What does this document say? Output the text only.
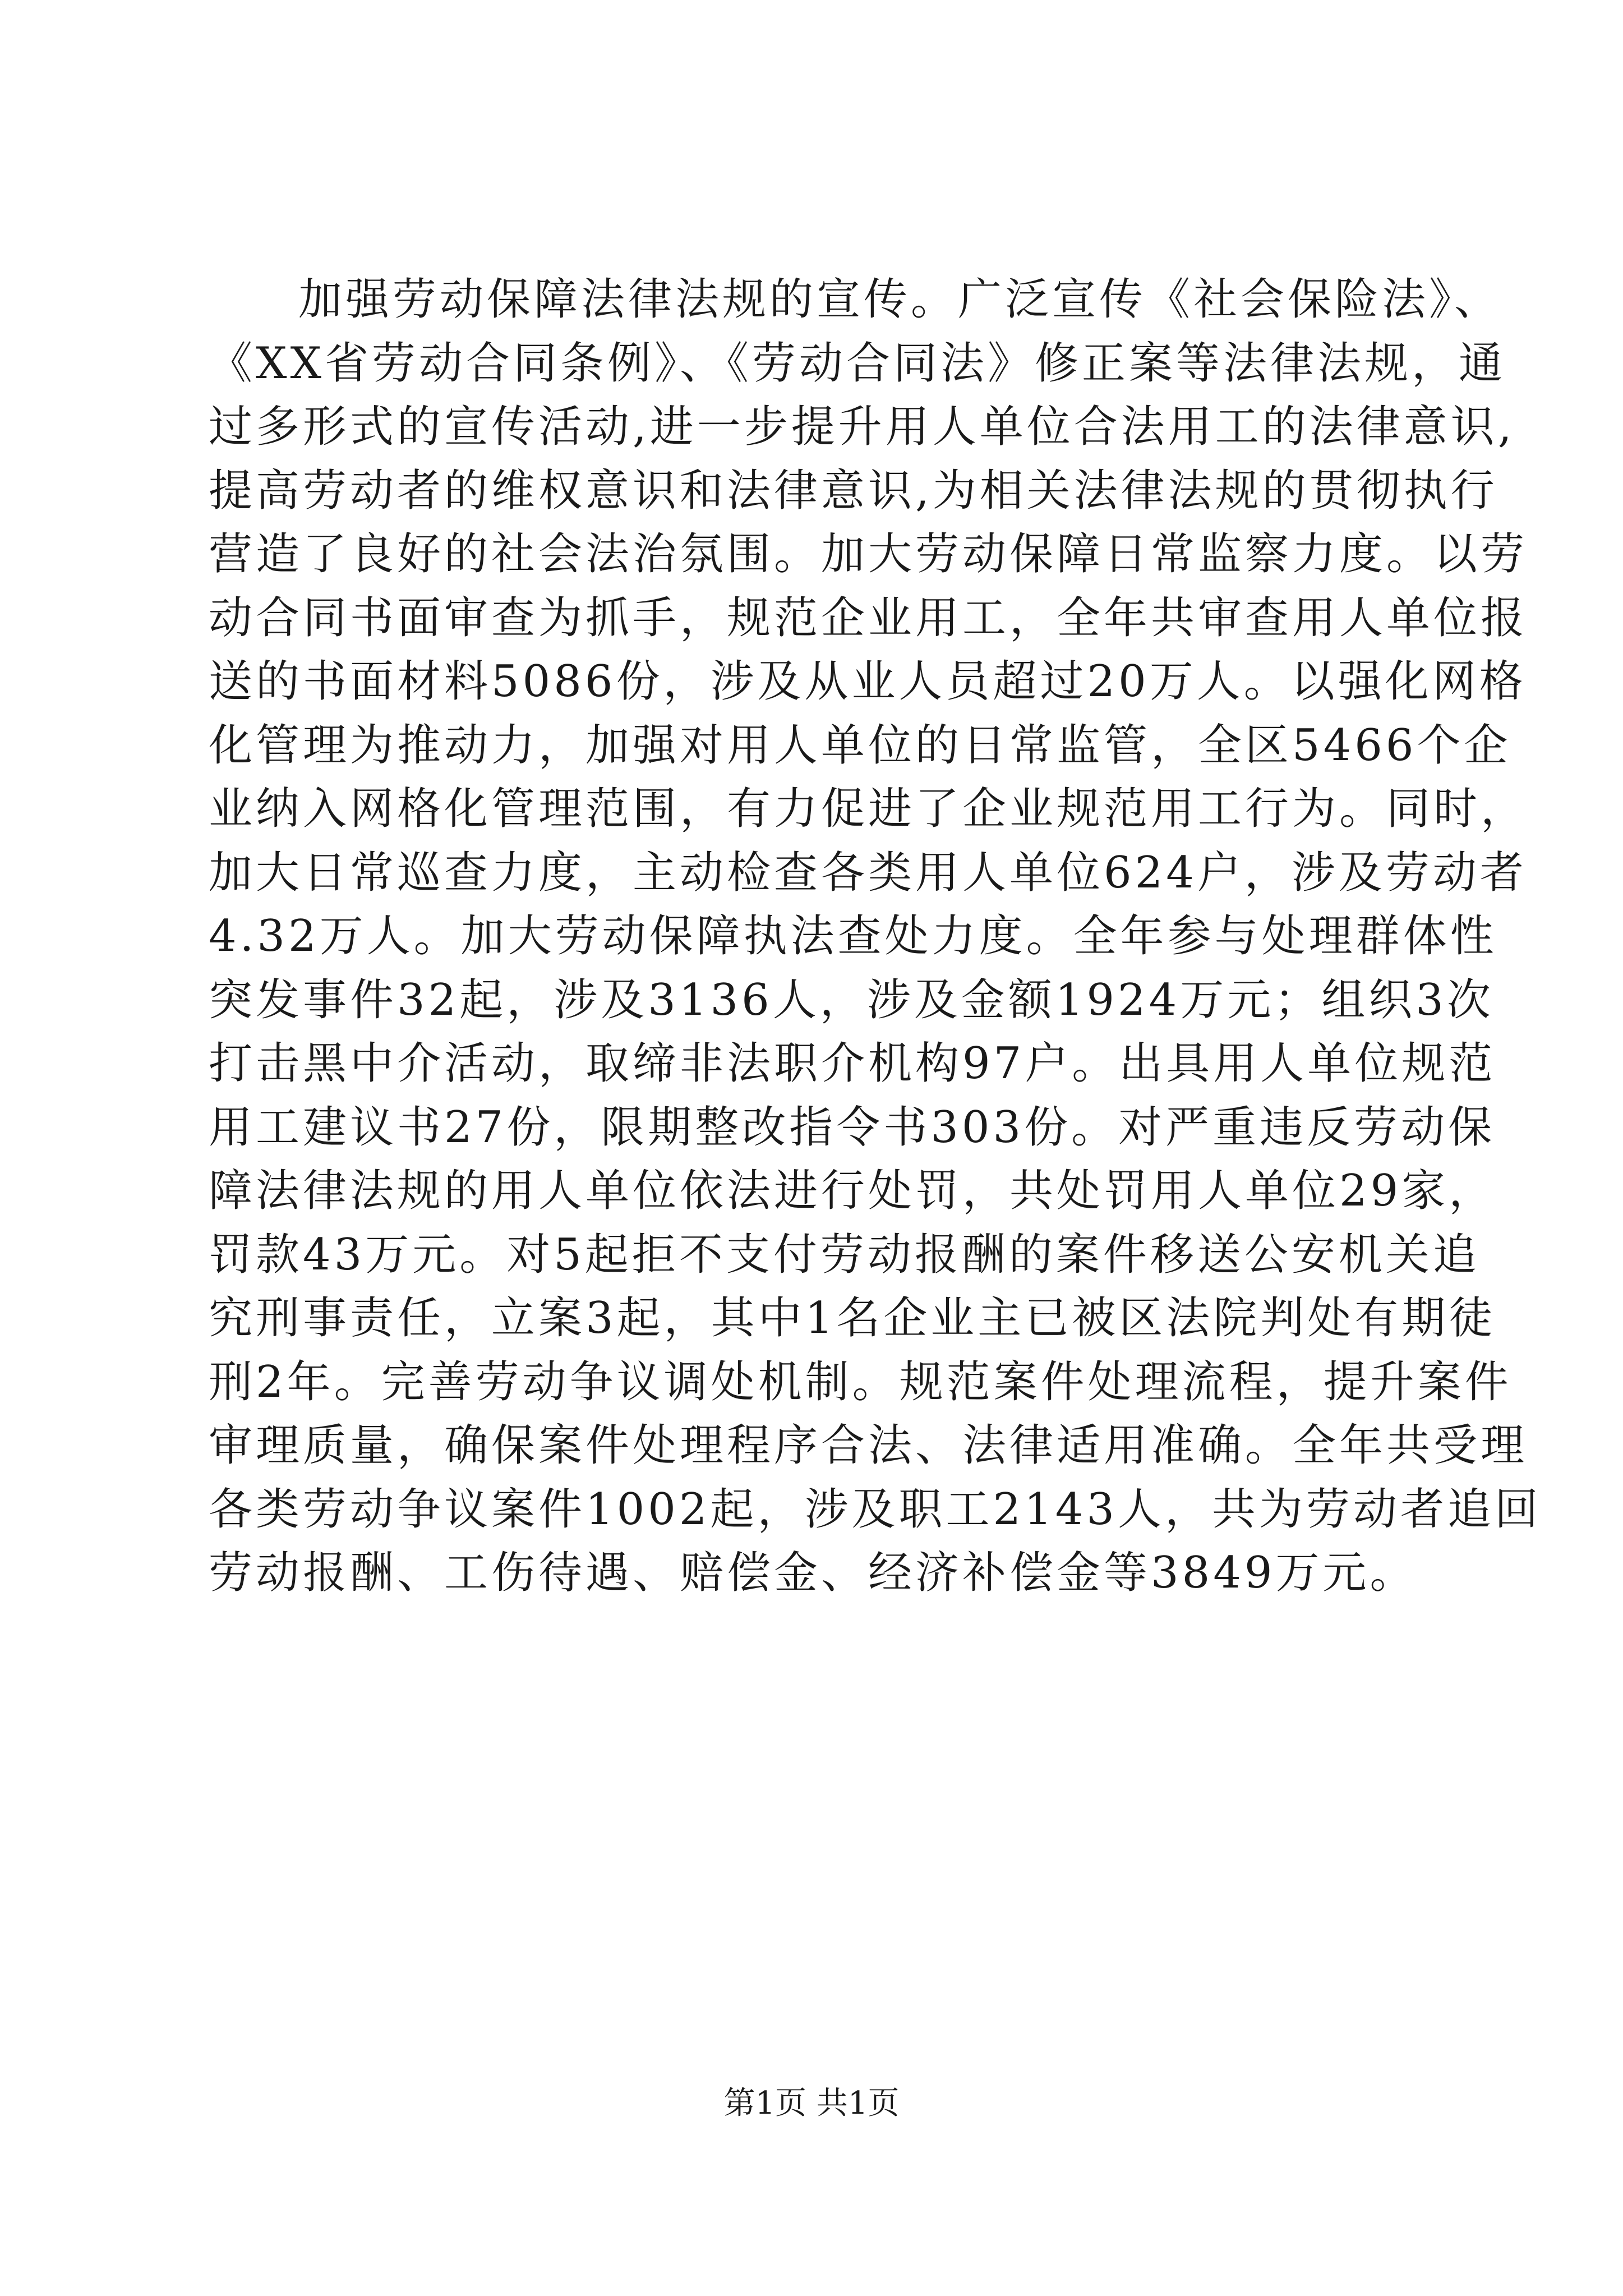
加强劳动保障法律法规的宣传。广泛宣传《社会保险法》、
《XX省劳动合同条例》、《劳动合同法》修正案等法律法规，通
过多形式的宣传活动,进一步提升用人单位合法用工的法律意识,
提高劳动者的维权意识和法律意识,为相关法律法规的贯彻执行
营造了良好的社会法治氛围。加大劳动保障日常监察力度。以劳
动合同书面审查为抓手，规范企业用工，全年共审查用人单位报
送的书面材料5086份，涉及从业人员超过20万人。以强化网格
化管理为推动力，加强对用人单位的日常监管，全区5466个企
业纳入网格化管理范围，有力促进了企业规范用工行为。同时，
加大日常巡查力度，主动检查各类用人单位624户，涉及劳动者
4.32万人。加大劳动保障执法查处力度。全年参与处理群体性
突发事件32起，涉及3136人，涉及金额1924万元；组织3次
打击黑中介活动，取缔非法职介机构97户。出具用人单位规范
用工建议书27份，限期整改指令书303份。对严重违反劳动保
障法律法规的用人单位依法进行处罚，共处罚用人单位29家，
罚款43万元。对5起拒不支付劳动报酬的案件移送公安机关追
究刑事责任，立案3起，其中1名企业主已被区法院判处有期徒
刑2年。完善劳动争议调处机制。规范案件处理流程，提升案件
审理质量，确保案件处理程序合法、法律适用准确。全年共受理
各类劳动争议案件1002起，涉及职工2143人，共为劳动者追回
劳动报酬、工伤待遇、赔偿金、经济补偿金等3849万元。
第1页 共1页
